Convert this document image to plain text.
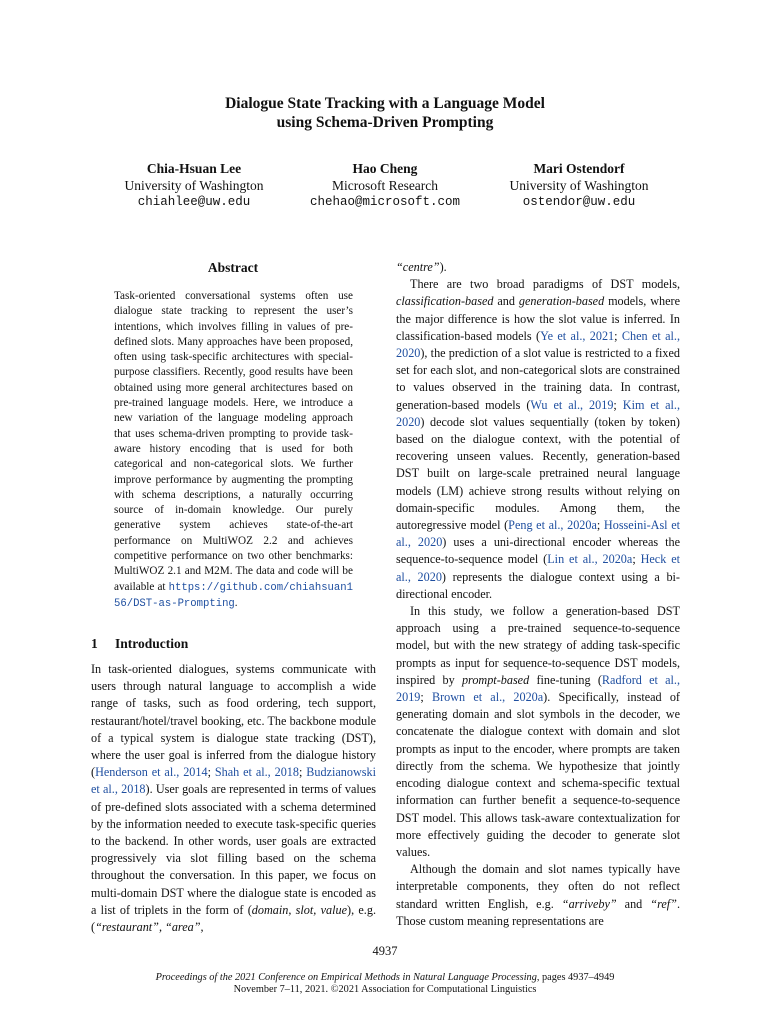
Dialogue State Tracking with a Language Model
using Schema-Driven Prompting
Chia-Hsuan Lee
University of Washington
chiahlee@uw.edu
Hao Cheng
Microsoft Research
chehao@microsoft.com
Mari Ostendorf
University of Washington
ostendor@uw.edu
Abstract
Task-oriented conversational systems often use dialogue state tracking to represent the user’s intentions, which involves filling in values of pre-defined slots. Many approaches have been proposed, often using task-specific architectures with special-purpose classifiers. Recently, good results have been obtained using more general architectures based on pre-trained language models. Here, we introduce a new variation of the language modeling approach that uses schema-driven prompting to provide task-aware history encoding that is used for both categorical and non-categorical slots. We further improve performance by augmenting the prompting with schema descriptions, a naturally occurring source of in-domain knowledge. Our purely generative system achieves state-of-the-art performance on MultiWOZ 2.2 and achieves competitive performance on two other benchmarks: MultiWOZ 2.1 and M2M. The data and code will be available at https://github.com/chiahsuan156/DST-as-Prompting.
1 Introduction

In task-oriented dialogues, systems communicate with users through natural language to accomplish a wide range of tasks, such as food ordering, tech support, restaurant/hotel/travel booking, etc. The backbone module of a typical system is dialogue state tracking (DST), where the user goal is inferred from the dialogue history (Henderson et al., 2014; Shah et al., 2018; Budzianowski et al., 2018). User goals are represented in terms of values of pre-defined slots associated with a schema determined by the information needed to execute task-specific queries to the backend. In other words, user goals are extracted progressively via slot filling based on the schema throughout the conversation. In this paper, we focus on multi-domain DST where the dialogue state is encoded as a list of triplets in the form of (domain, slot, value), e.g. (“restaurant”, “area”,

“centre”).

There are two broad paradigms of DST models, classification-based and generation-based models, where the major difference is how the slot value is inferred. In classification-based models (Ye et al., 2021; Chen et al., 2020), the prediction of a slot value is restricted to a fixed set for each slot, and non-categorical slots are constrained to values observed in the training data. In contrast, generation-based models (Wu et al., 2019; Kim et al., 2020) decode slot values sequentially (token by token) based on the dialogue context, with the potential of recovering unseen values. Recently, generation-based DST built on large-scale pretrained neural language models (LM) achieve strong results without relying on domain-specific modules. Among them, the autoregressive model (Peng et al., 2020a; Hosseini-Asl et al., 2020) uses a uni-directional encoder whereas the sequence-to-sequence model (Lin et al., 2020a; Heck et al., 2020) represents the dialogue context using a bi-directional encoder.

In this study, we follow a generation-based DST approach using a pre-trained sequence-to-sequence model, but with the new strategy of adding task-specific prompts as input for sequence-to-sequence DST models, inspired by prompt-based fine-tuning (Radford et al., 2019; Brown et al., 2020a). Specifically, instead of generating domain and slot symbols in the decoder, we concatenate the dialogue context with domain and slot prompts as input to the encoder, where prompts are taken directly from the schema. We hypothesize that jointly encoding dialogue context and schema-specific textual information can further benefit a sequence-to-sequence DST model. This allows task-aware contextualization for more effectively guiding the decoder to generate slot values.

Although the domain and slot names typically have interpretable components, they often do not reflect standard written English, e.g. “arriveby” and “ref”. Those custom meaning representations are

4937
Proceedings of the 2021 Conference on Empirical Methods in Natural Language Processing, pages 4937–4949
November 7–11, 2021. ©2021 Association for Computational Linguistics
